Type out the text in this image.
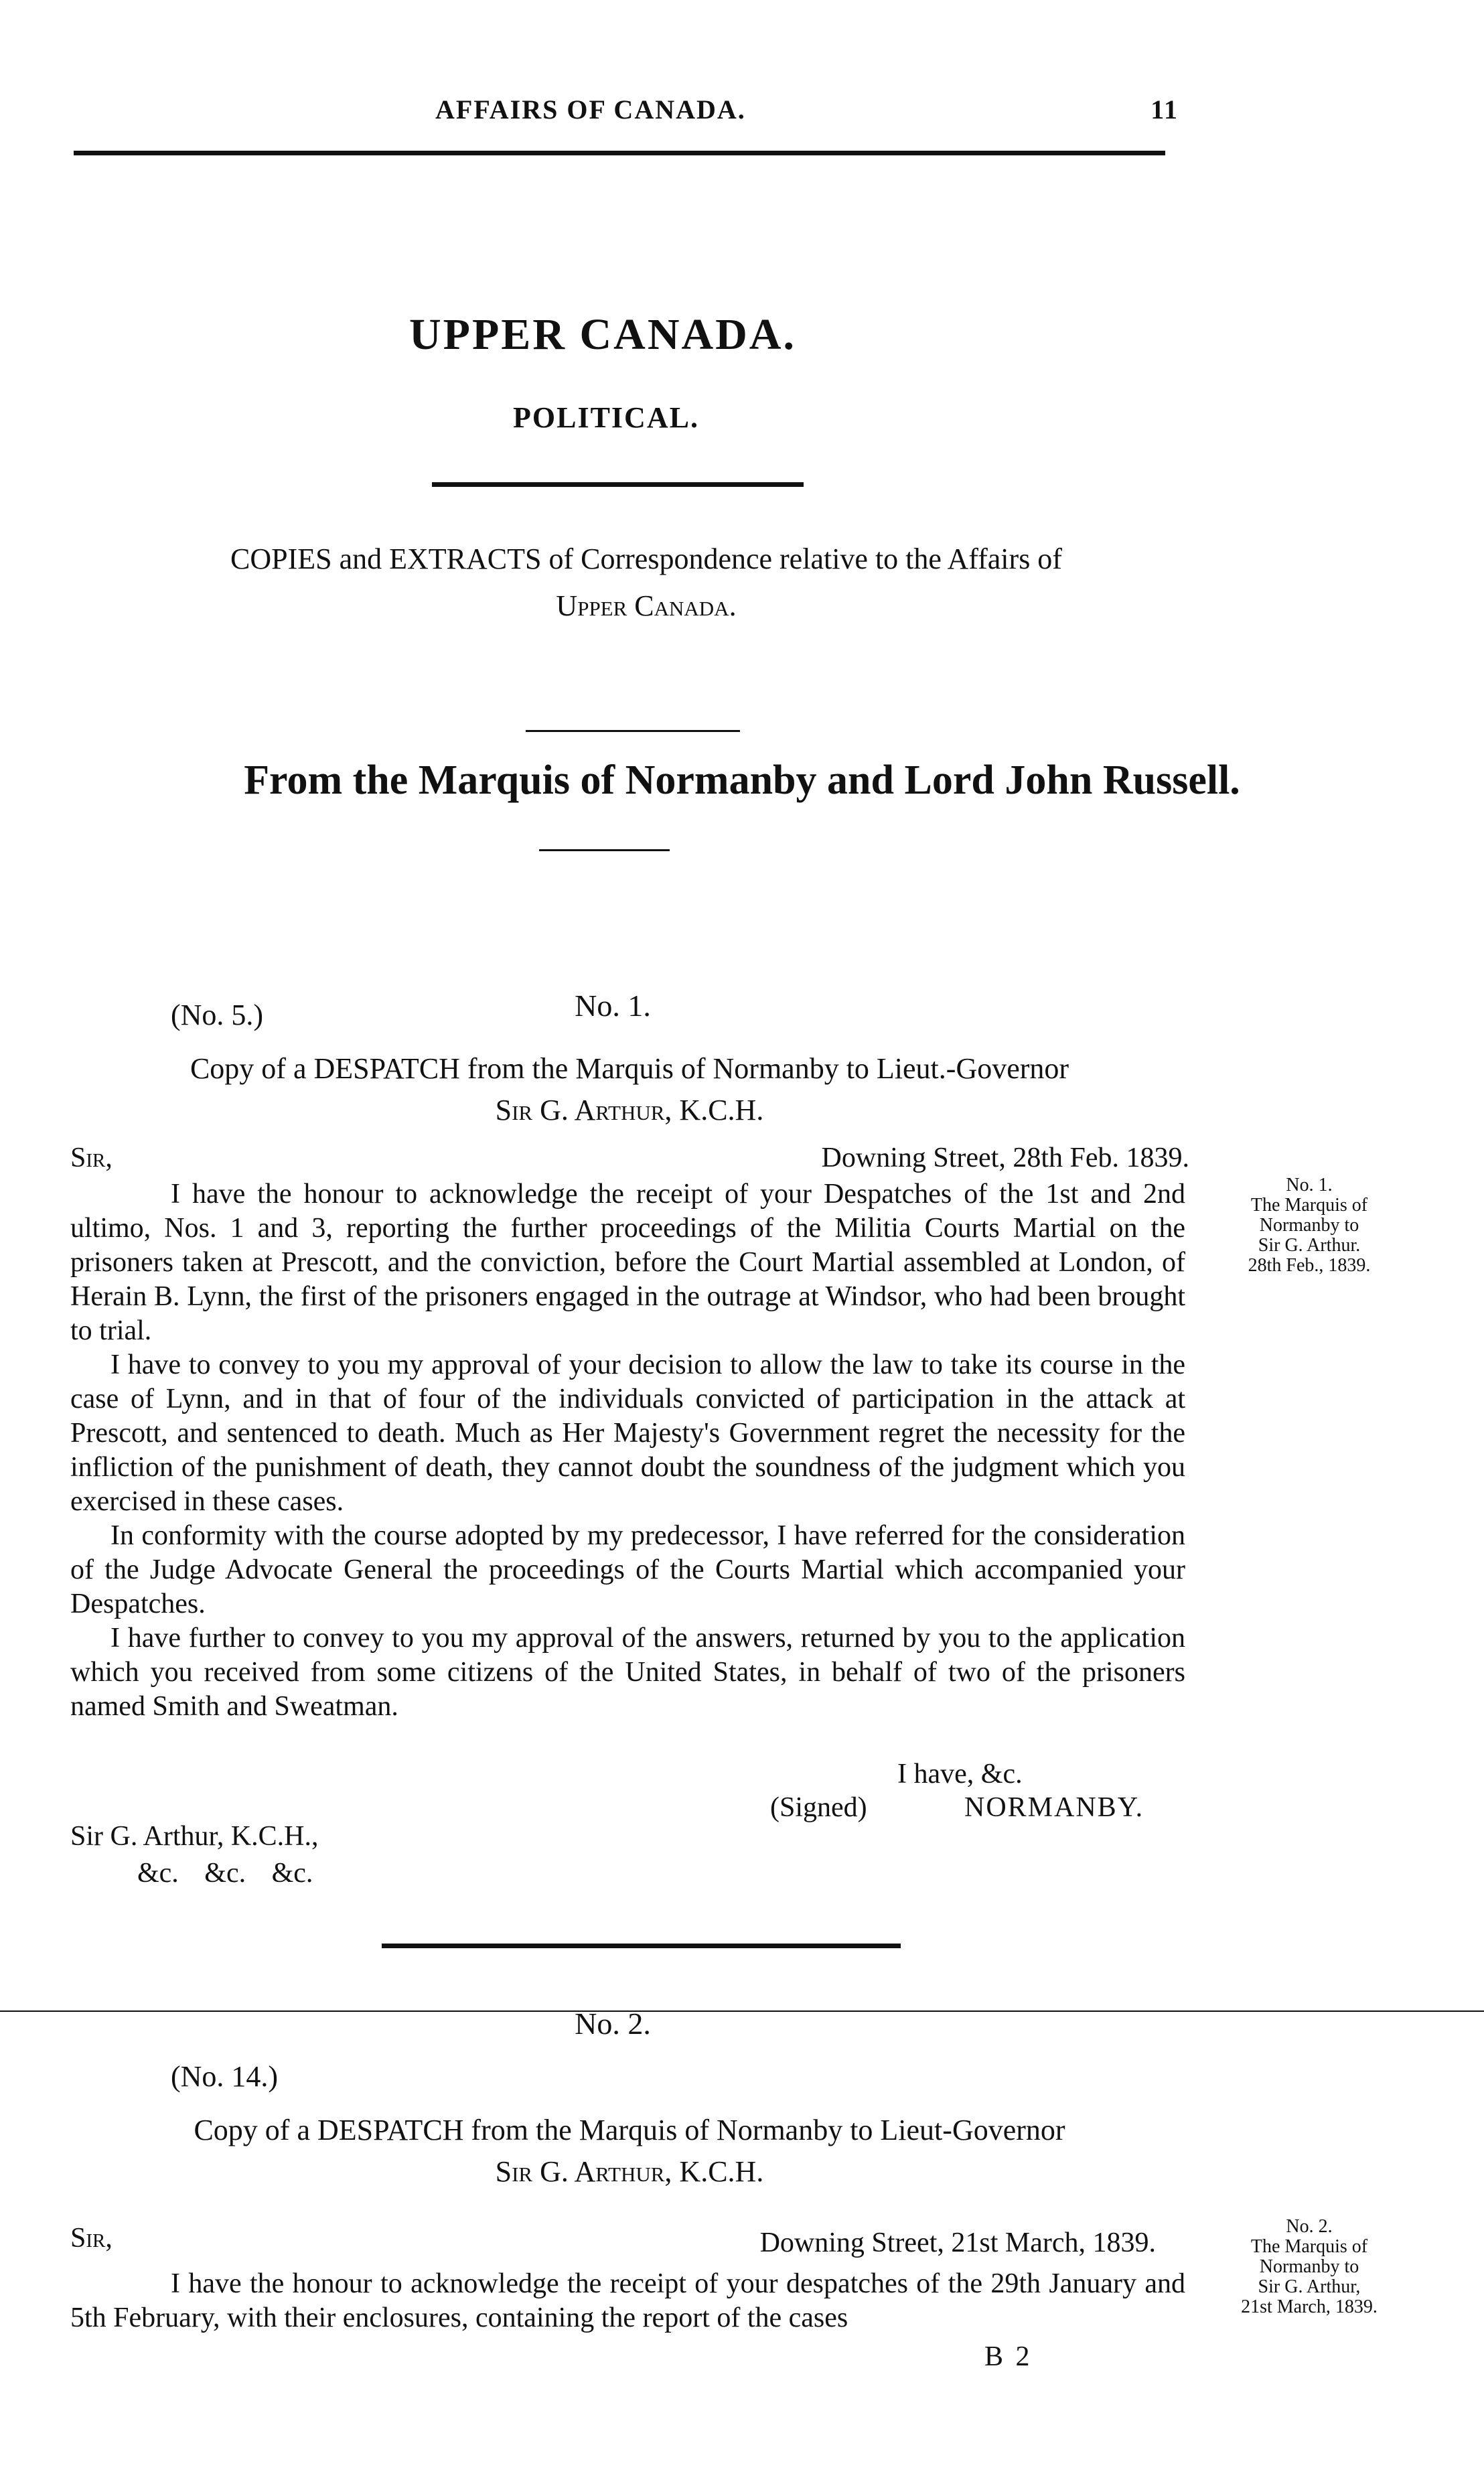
AFFAIRS OF CANADA.	11
UPPER CANADA.
POLITICAL.
COPIES and EXTRACTS of Correspondence relative to the Affairs of
Upper Canada.
From the Marquis of Normanby and Lord John Russell.
No. 1.
(No. 5.)
Copy of a DESPATCH from the Marquis of Normanby to Lieut.-Governor
Sir G. Arthur, K.C.H.
Sir,	Downing Street, 28th Feb. 1839.

I have the honour to acknowledge the receipt of your Despatches of the 1st and 2nd ultimo, Nos. 1 and 3, reporting the further proceedings of the Militia Courts Martial on the prisoners taken at Prescott, and the conviction, before the Court Martial assembled at London, of Herain B. Lynn, the first of the prisoners engaged in the outrage at Windsor, who had been brought to trial.

I have to convey to you my approval of your decision to allow the law to take its course in the case of Lynn, and in that of four of the individuals convicted of participation in the attack at Prescott, and sentenced to death. Much as Her Majesty's Government regret the necessity for the infliction of the punishment of death, they cannot doubt the soundness of the judgment which you exercised in these cases.

In conformity with the course adopted by my predecessor, I have referred for the consideration of the Judge Advocate General the proceedings of the Courts Martial which accompanied your Despatches.

I have further to convey to you my approval of the answers, returned by you to the application which you received from some citizens of the United States, in behalf of two of the prisoners named Smith and Sweatman.

No. 1.
The Marquis of
Normanby to
Sir G. Arthur.
28th Feb., 1839.
I have, &c.
(Signed)	NORMANBY.
Sir G. Arthur, K.C.H.,
&c. &c. &c.
No. 2.
(No. 14.)
Copy of a DESPATCH from the Marquis of Normanby to Lieut-Governor
Sir G. Arthur, K.C.H.
Sir,	Downing Street, 21st March, 1839.

I have the honour to acknowledge the receipt of your despatches of the 29th January and 5th February, with their enclosures, containing the report of the cases

No. 2.
The Marquis of
Normanby to
Sir G. Arthur,
21st March, 1839.
B 2
